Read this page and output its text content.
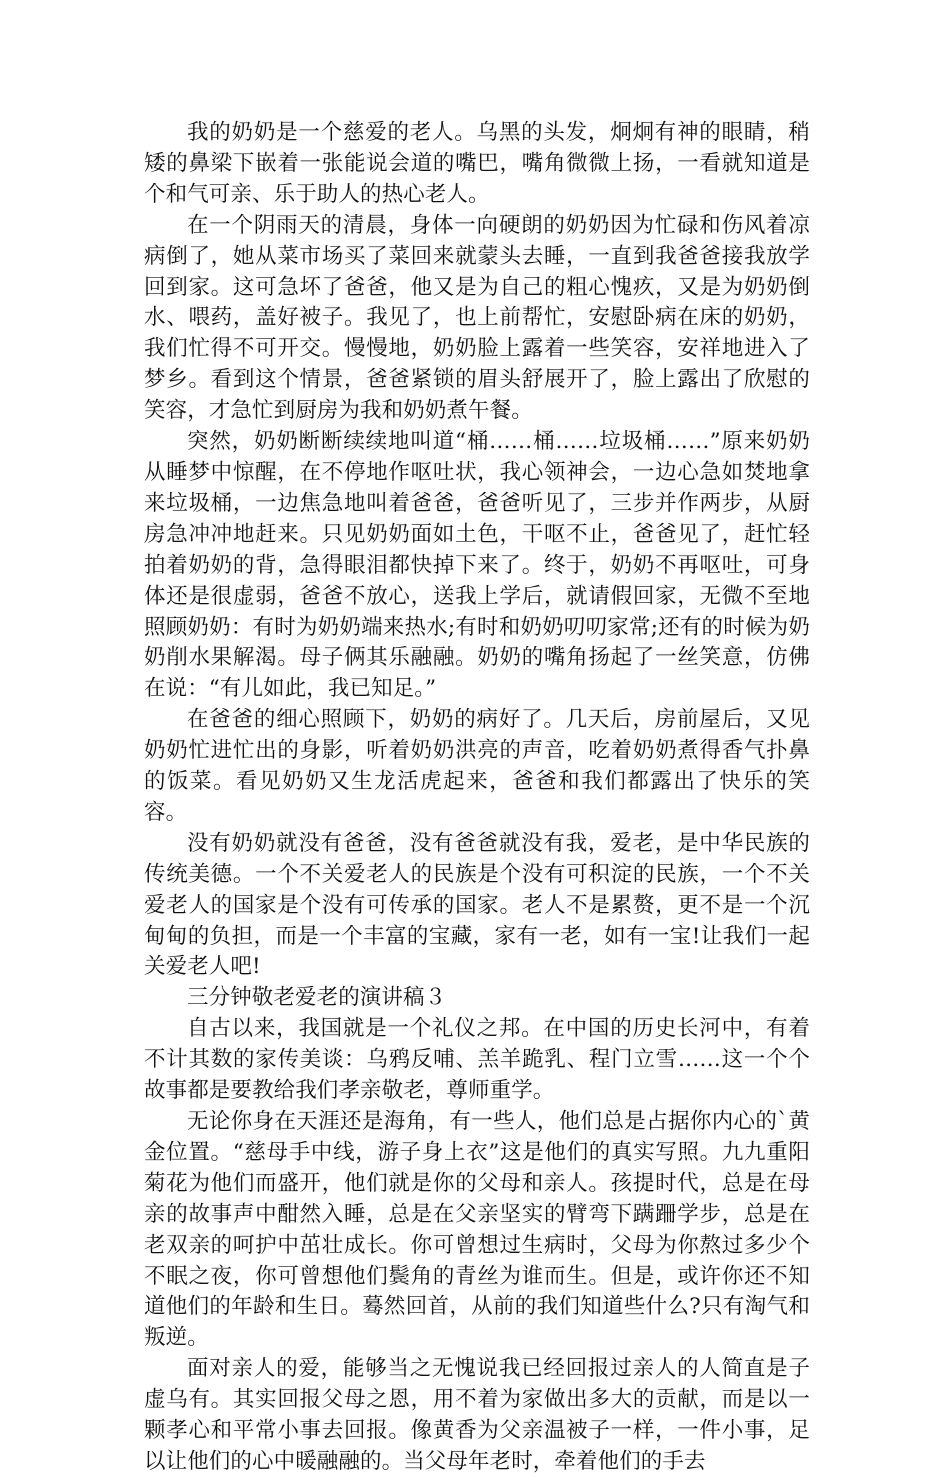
我的奶奶是一个慈爱的老人。乌黑的头发，炯炯有神的眼睛，稍矮的鼻梁下嵌着一张能说会道的嘴巴，嘴角微微上扬，一看就知道是个和气可亲、乐于助人的热心老人。

在一个阴雨天的清晨，身体一向硬朗的奶奶因为忙碌和伤风着凉病倒了，她从菜市场买了菜回来就蒙头去睡，一直到我爸爸接我放学回到家。这可急坏了爸爸，他又是为自己的粗心愧疚，又是为奶奶倒水、喂药，盖好被子。我见了，也上前帮忙，安慰卧病在床的奶奶，我们忙得不可开交。慢慢地，奶奶脸上露着一些笑容，安祥地进入了梦乡。看到这个情景，爸爸紧锁的眉头舒展开了，脸上露出了欣慰的笑容，才急忙到厨房为我和奶奶煮午餐。

突然，奶奶断断续续地叫道“桶……桶……垃圾桶……”原来奶奶从睡梦中惊醒，在不停地作呕吐状，我心领神会，一边心急如焚地拿来垃圾桶，一边焦急地叫着爸爸，爸爸听见了，三步并作两步，从厨房急冲冲地赶来。只见奶奶面如土色，干呕不止，爸爸见了，赶忙轻拍着奶奶的背，急得眼泪都快掉下来了。终于，奶奶不再呕吐，可身体还是很虚弱，爸爸不放心，送我上学后，就请假回家，无微不至地照顾奶奶：有时为奶奶端来热水;有时和奶奶叨叨家常;还有的时候为奶奶削水果解渴。母子俩其乐融融。奶奶的嘴角扬起了一丝笑意，仿佛在说：“有儿如此，我已知足。”

在爸爸的细心照顾下，奶奶的病好了。几天后，房前屋后，又见奶奶忙进忙出的身影，听着奶奶洪亮的声音，吃着奶奶煮得香气扑鼻的饭菜。看见奶奶又生龙活虎起来，爸爸和我们都露出了快乐的笑容。

没有奶奶就没有爸爸，没有爸爸就没有我，爱老，是中华民族的传统美德。一个不关爱老人的民族是个没有可积淀的民族，一个不关爱老人的国家是个没有可传承的国家。老人不是累赘，更不是一个沉甸甸的负担，而是一个丰富的宝藏，家有一老，如有一宝!让我们一起关爱老人吧!

三分钟敬老爱老的演讲稿３

自古以来，我国就是一个礼仪之邦。在中国的历史长河中，有着不计其数的家传美谈：乌鸦反哺、羔羊跪乳、程门立雪……这一个个故事都是要教给我们孝亲敬老，尊师重学。

无论你身在天涯还是海角，有一些人，他们总是占据你内心的`黄金位置。“慈母手中线，游子身上衣”这是他们的真实写照。九九重阳菊花为他们而盛开，他们就是你的父母和亲人。孩提时代，总是在母亲的故事声中酣然入睡，总是在父亲坚实的臂弯下蹒跚学步，总是在老双亲的呵护中茁壮成长。你可曾想过生病时，父母为你熬过多少个不眠之夜，你可曾想他们鬓角的青丝为谁而生。但是，或许你还不知道他们的年龄和生日。蓦然回首，从前的我们知道些什么?只有淘气和叛逆。

面对亲人的爱，能够当之无愧说我已经回报过亲人的人简直是子虚乌有。其实回报父母之恩，用不着为家做出多大的贡献，而是以一颗孝心和平常小事去回报。像黄香为父亲温被子一样，一件小事，足以让他们的心中暖融融的。当父母年老时，牵着他们的手去
